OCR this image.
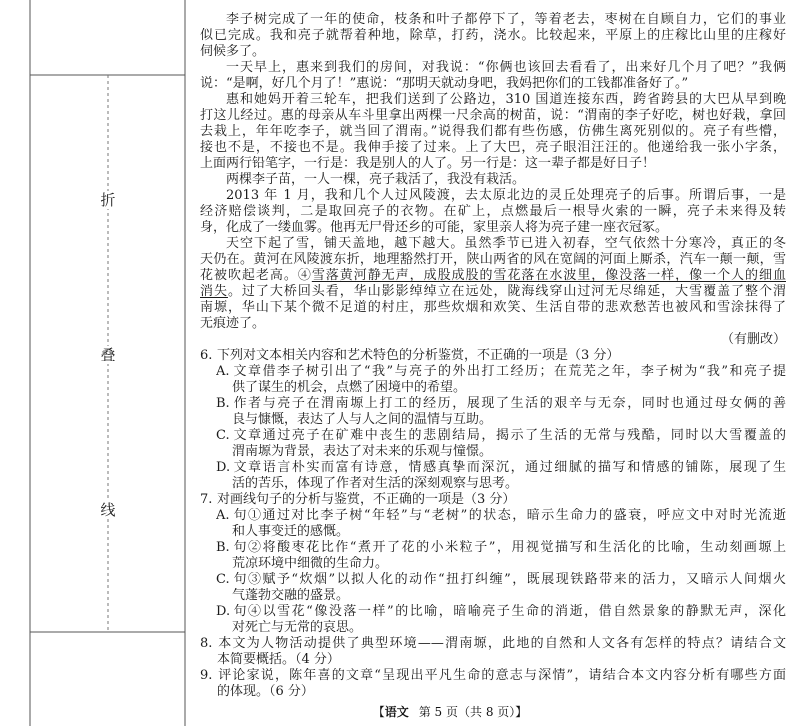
折
叠
线
李子树完成了一年的使命，枝条和叶子都停下了，等着老去，枣树在自顾自力，它们的事业
似已完成。我和亮子就帮着种地，除草，打药，浇水。比较起来，平原上的庄稼比山里的庄稼好
伺候多了。
一天早上，惠来到我们的房间，对我说：“你俩也该回去看看了，出来好几个月了吧？”我俩
说：“是啊，好几个月了！”惠说：“那明天就动身吧，我妈把你们的工钱都准备好了。”
惠和她妈开着三轮车，把我们送到了公路边，310 国道连接东西，跨省跨县的大巴从早到晚
打这儿经过。惠的母亲从车斗里拿出两棵一尺余高的树苗，说：“渭南的李子好吃，树也好栽，拿回
去栽上，年年吃李子，就当回了渭南。”说得我们都有些伤感，仿佛生离死别似的。亮子有些懵，
接也不是，不接也不是。我伸手接了过来。上了大巴，亮子眼泪汪汪的。他递给我一张小字条，
上面两行铅笔字，一行是：我是别人的人了。另一行是：这一辈子都是好日子！
两棵李子苗，一人一棵，亮子栽活了，我没有栽活。
2013 年 1 月，我和几个人过风陵渡，去太原北边的灵丘处理亮子的后事。所谓后事，一是
经济赔偿谈判，二是取回亮子的衣物。在矿上，点燃最后一根导火索的一瞬，亮子未来得及转
身，化成了一缕血雾。他再无尸骨还乡的可能，家里亲人将为亮子建一座衣冠冢。
天空下起了雪，铺天盖地，越下越大。虽然季节已进入初春，空气依然十分寒冷，真正的冬
天仍在。黄河在风陵渡东折，地理豁然打开，陕山两省的风在宽阔的河面上厮杀，汽车一颠一颠，雪
花被吹起老高。④雪落黄河静无声，成股成股的雪花落在水波里，像没落一样，像一个人的细血
消失。过了大桥回头看，华山影影绰绰立在远处，陇海线穿山过河无尽绵延，大雪覆盖了整个渭
南塬，华山下某个微不足道的村庄，那些炊烟和欢笑、生活自带的悲欢愁苦也被风和雪涂抹得了
无痕迹了。
（有删改）
6. 下列对文本相关内容和艺术特色的分析鉴赏，不正确的一项是（3 分）
A. 文章借李子树引出了“我”与亮子的外出打工经历；在荒芜之年，李子树为“我”和亮子提
供了谋生的机会，点燃了困境中的希望。
B. 作者与亮子在渭南塬上打工的经历，展现了生活的艰辛与无奈，同时也通过母女俩的善
良与慷慨，表达了人与人之间的温情与互助。
C. 文章通过亮子在矿难中丧生的悲剧结局，揭示了生活的无常与残酷，同时以大雪覆盖的
渭南塬为背景，表达了对未来的乐观与憧憬。
D. 文章语言朴实而富有诗意，情感真挚而深沉，通过细腻的描写和情感的铺陈，展现了生
活的苦乐，体现了作者对生活的深刻观察与思考。
7. 对画线句子的分析与鉴赏，不正确的一项是（3 分）
A. 句①通过对比李子树“年轻”与“老树”的状态，暗示生命力的盛衰，呼应文中对时光流逝
和人事变迁的感慨。
B. 句②将酸枣花比作“煮开了花的小米粒子”，用视觉描写和生活化的比喻，生动刻画塬上
荒凉环境中细微的生命力。
C. 句③赋予“炊烟”以拟人化的动作“扭打纠缠”，既展现铁路带来的活力，又暗示人间烟火
气蓬勃交融的盛景。
D. 句④以雪花“像没落一样”的比喻，暗喻亮子生命的消逝，借自然景象的静默无声，深化
对死亡与无常的哀思。
8. 本文为人物活动提供了典型环境——渭南塬，此地的自然和人文各有怎样的特点？请结合文
本简要概括。（4 分）
9. 评论家说，陈年喜的文章“呈现出平凡生命的意志与深情”，请结合本文内容分析有哪些方面
的体现。（6 分）
【语文 第 5 页（共 8 页）】
